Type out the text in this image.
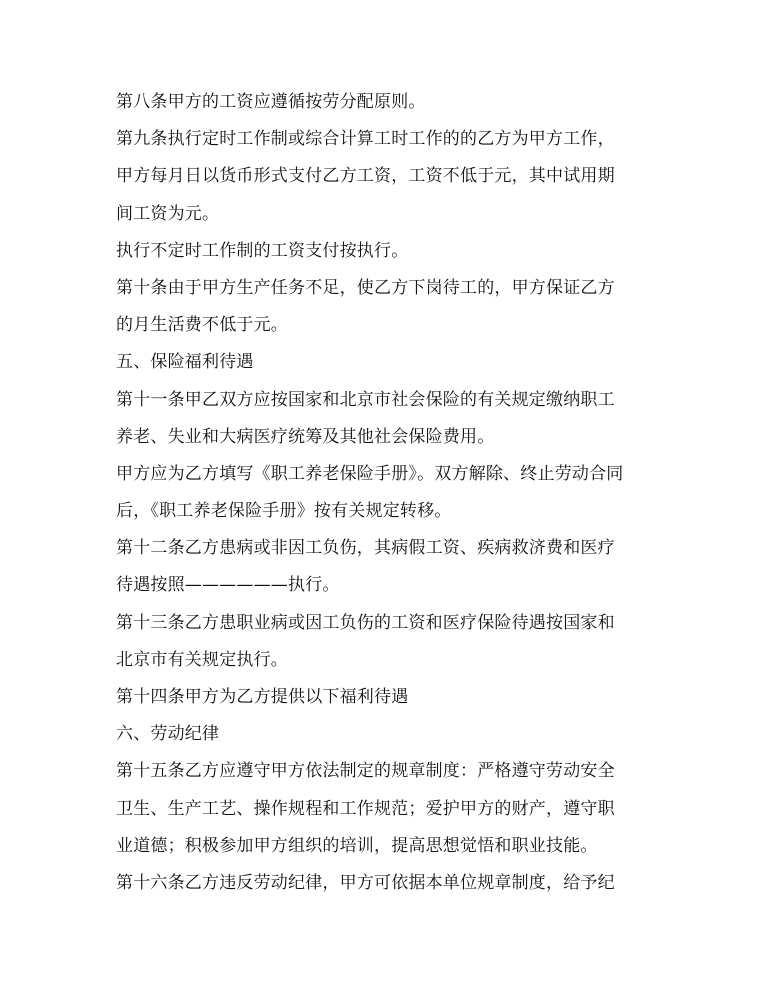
第八条甲方的工资应遵循按劳分配原则。
第九条执行定时工作制或综合计算工时工作的的乙方为甲方工作，
甲方每月日以货币形式支付乙方工资，工资不低于元，其中试用期
间工资为元。
执行不定时工作制的工资支付按执行。
第十条由于甲方生产任务不足，使乙方下岗待工的，甲方保证乙方
的月生活费不低于元。
五、保险福利待遇
第十一条甲乙双方应按国家和北京市社会保险的有关规定缴纳职工
养老、失业和大病医疗统筹及其他社会保险费用。
甲方应为乙方填写《职工养老保险手册》。双方解除、终止劳动合同
后，《职工养老保险手册》按有关规定转移。
第十二条乙方患病或非因工负伤，其病假工资、疾病救济费和医疗
待遇按照——————执行。
第十三条乙方患职业病或因工负伤的工资和医疗保险待遇按国家和
北京市有关规定执行。
第十四条甲方为乙方提供以下福利待遇
六、劳动纪律
第十五条乙方应遵守甲方依法制定的规章制度：严格遵守劳动安全
卫生、生产工艺、操作规程和工作规范；爱护甲方的财产，遵守职
业道德；积极参加甲方组织的培训，提高思想觉悟和职业技能。
第十六条乙方违反劳动纪律，甲方可依据本单位规章制度，给予纪
